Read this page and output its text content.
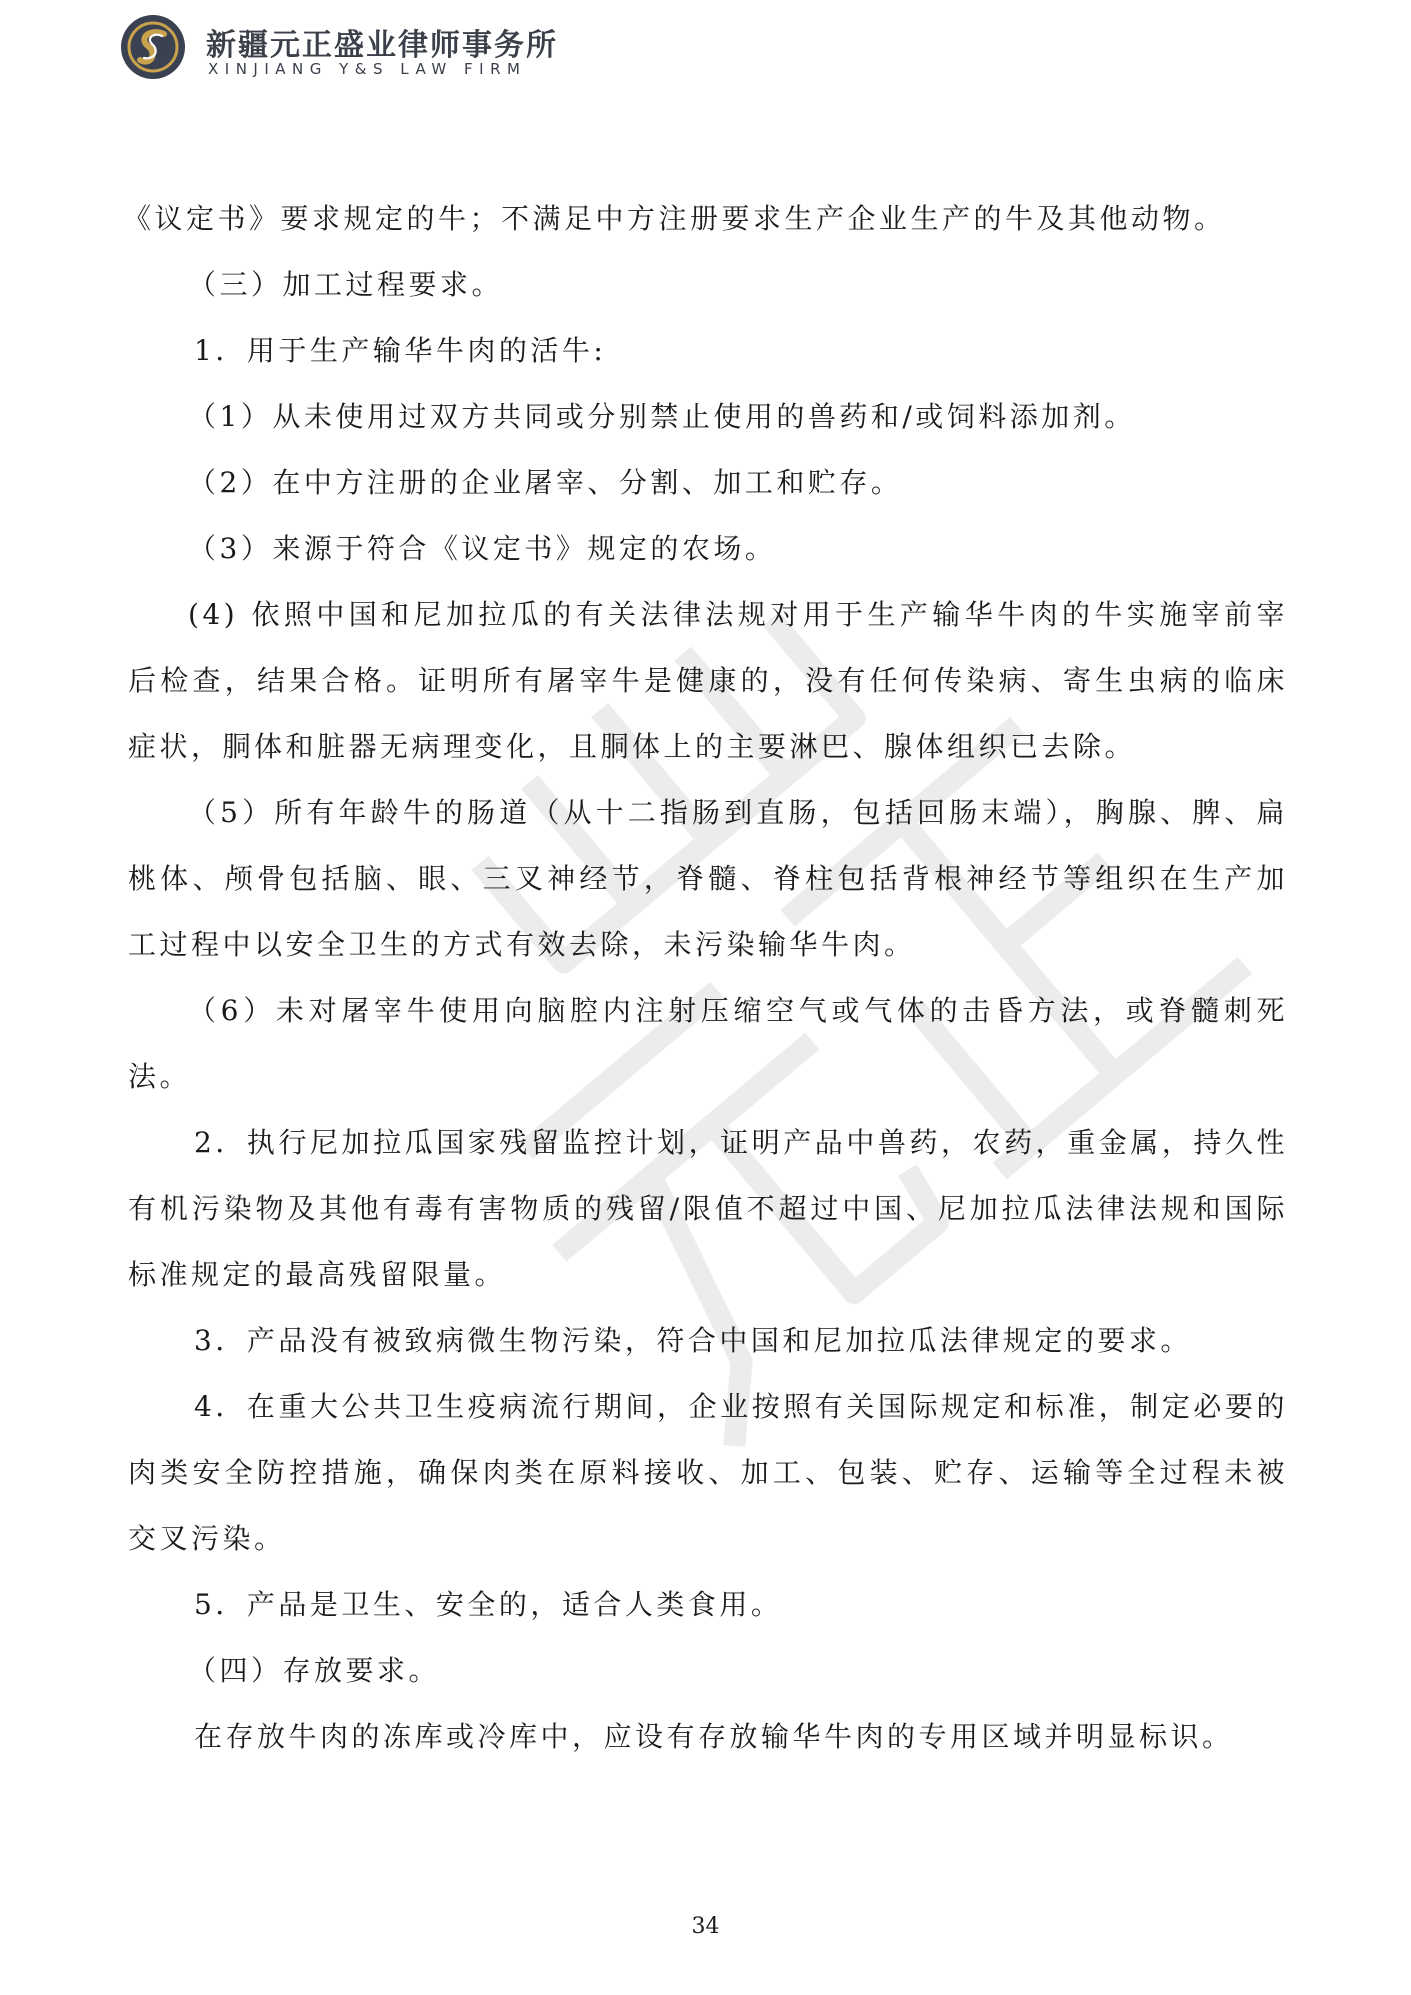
新疆元正盛业律师事务所
XINJIANG Y&S LAW FIRM

《议定书》要求规定的牛；不满足中方注册要求生产企业生产的牛及其他动物。

（三）加工过程要求。

1．用于生产输华牛肉的活牛:

（1）从未使用过双方共同或分别禁止使用的兽药和/或饲料添加剂。

（2）在中方注册的企业屠宰、分割、加工和贮存。

（3）来源于符合《议定书》规定的农场。

(4) 依照中国和尼加拉瓜的有关法律法规对用于生产输华牛肉的牛实施宰前宰后检查，结果合格。证明所有屠宰牛是健康的，没有任何传染病、寄生虫病的临床症状，胴体和脏器无病理变化，且胴体上的主要淋巴、腺体组织已去除。

（5）所有年龄牛的肠道（从十二指肠到直肠，包括回肠末端），胸腺、脾、扁桃体、颅骨包括脑、眼、三叉神经节，脊髓、脊柱包括背根神经节等组织在生产加工过程中以安全卫生的方式有效去除，未污染输华牛肉。

（6）未对屠宰牛使用向脑腔内注射压缩空气或气体的击昏方法，或脊髓刺死法。

2．执行尼加拉瓜国家残留监控计划，证明产品中兽药，农药，重金属，持久性有机污染物及其他有毒有害物质的残留/限值不超过中国、尼加拉瓜法律法规和国际标准规定的最高残留限量。

3．产品没有被致病微生物污染，符合中国和尼加拉瓜法律规定的要求。

4．在重大公共卫生疫病流行期间，企业按照有关国际规定和标准，制定必要的肉类安全防控措施，确保肉类在原料接收、加工、包装、贮存、运输等全过程未被交叉污染。

5．产品是卫生、安全的，适合人类食用。

（四）存放要求。

在存放牛肉的冻库或冷库中，应设有存放输华牛肉的专用区域并明显标识。

34
